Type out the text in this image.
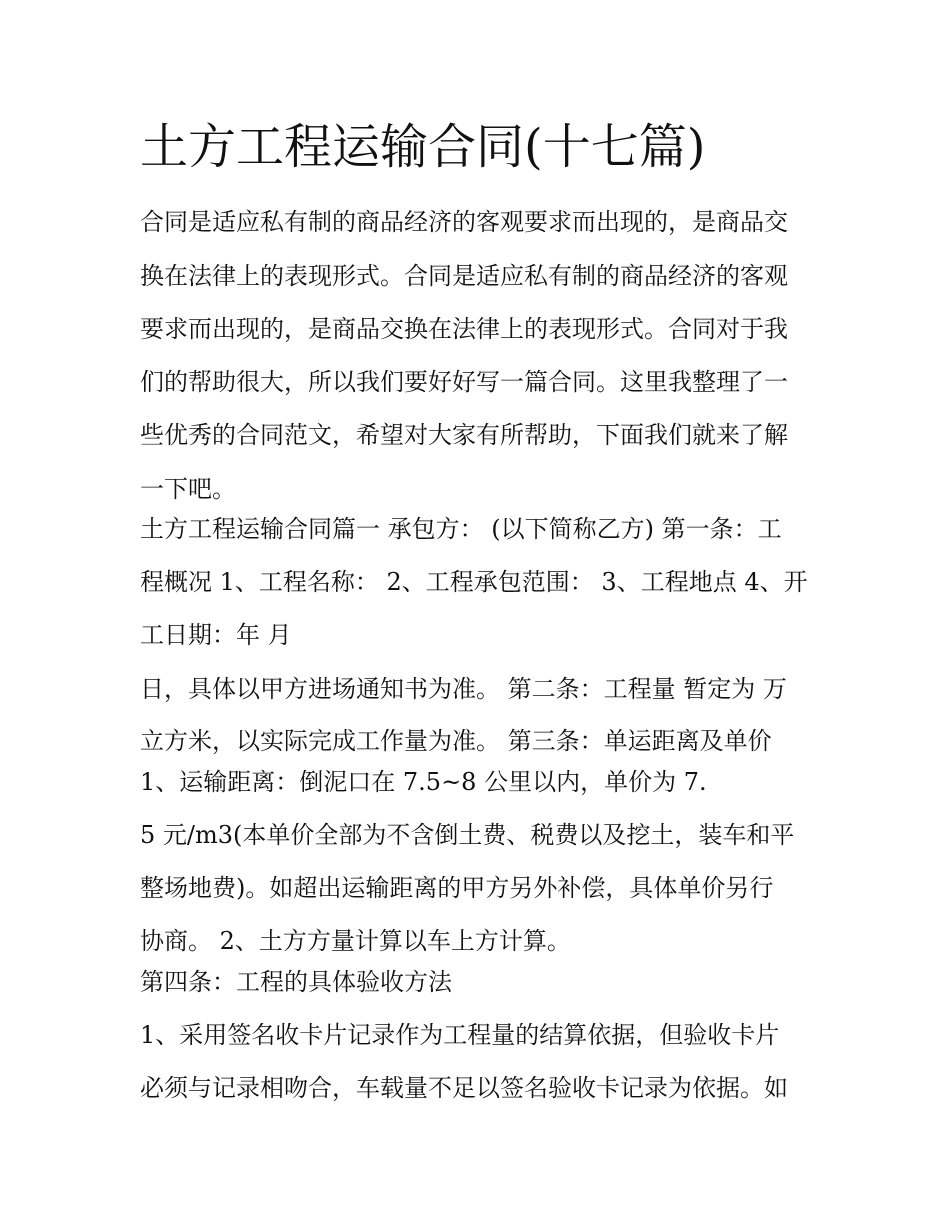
土方工程运输合同(十七篇)
合同是适应私有制的商品经济的客观要求而出现的，是商品交
换在法律上的表现形式。合同是适应私有制的商品经济的客观
要求而出现的，是商品交换在法律上的表现形式。合同对于我
们的帮助很大，所以我们要好好写一篇合同。这里我整理了一
些优秀的合同范文，希望对大家有所帮助，下面我们就来了解
一下吧。
土方工程运输合同篇一 承包方： (以下简称乙方) 第一条：工
程概况 1、工程名称： 2、工程承包范围： 3、工程地点 4、开
工日期：年 月
日，具体以甲方进场通知书为准。 第二条：工程量 暂定为 万
立方米，以实际完成工作量为准。 第三条：单运距离及单价
1、运输距离：倒泥口在 7.5~8 公里以内，单价为 7.
5 元/m3(本单价全部为不含倒土费、税费以及挖土，装车和平
整场地费)。如超出运输距离的甲方另外补偿，具体单价另行
协商。 2、土方方量计算以车上方计算。
第四条：工程的具体验收方法
1、采用签名收卡片记录作为工程量的结算依据，但验收卡片
必须与记录相吻合，车载量不足以签名验收卡记录为依据。如
